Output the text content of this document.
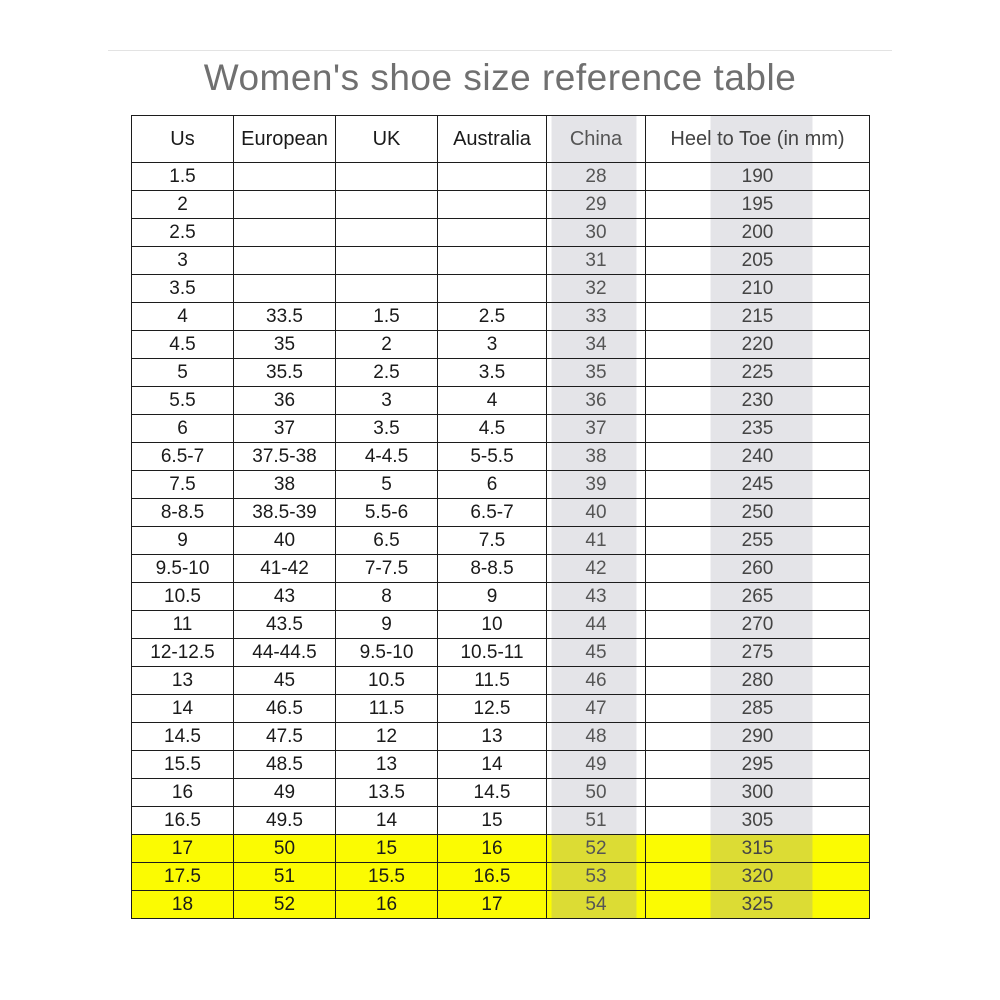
Women's shoe size reference table
Us	European	UK	Australia	China	Heel to Toe (in mm)
1.5				28	190
2				29	195
2.5				30	200
3				31	205
3.5				32	210
4	33.5	1.5	2.5	33	215
4.5	35	2	3	34	220
5	35.5	2.5	3.5	35	225
5.5	36	3	4	36	230
6	37	3.5	4.5	37	235
6.5-7	37.5-38	4-4.5	5-5.5	38	240
7.5	38	5	6	39	245
8-8.5	38.5-39	5.5-6	6.5-7	40	250
9	40	6.5	7.5	41	255
9.5-10	41-42	7-7.5	8-8.5	42	260
10.5	43	8	9	43	265
11	43.5	9	10	44	270
12-12.5	44-44.5	9.5-10	10.5-11	45	275
13	45	10.5	11.5	46	280
14	46.5	11.5	12.5	47	285
14.5	47.5	12	13	48	290
15.5	48.5	13	14	49	295
16	49	13.5	14.5	50	300
16.5	49.5	14	15	51	305
17	50	15	16	52	315
17.5	51	15.5	16.5	53	320
18	52	16	17	54	325
